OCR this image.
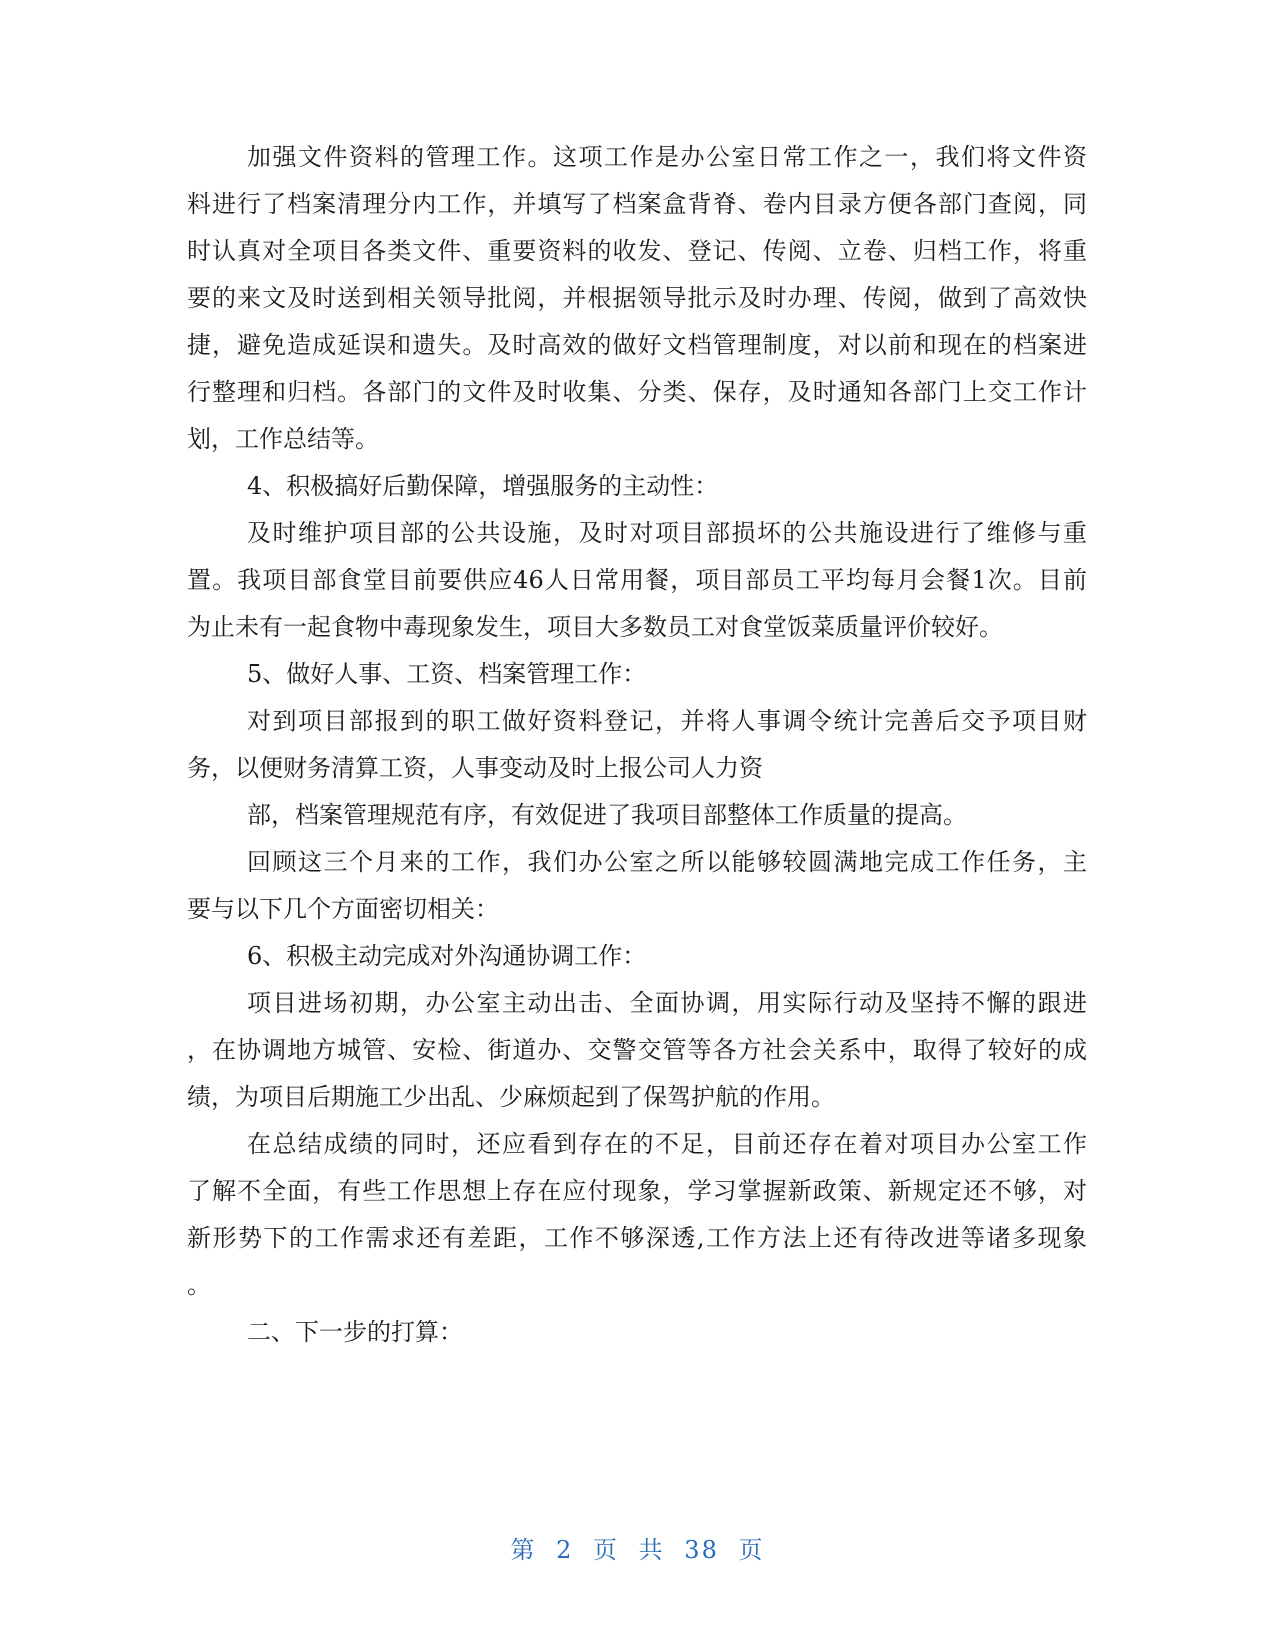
加强文件资料的管理工作。这项工作是办公室日常工作之一，我们将文件资
料进行了档案清理分内工作，并填写了档案盒背脊、卷内目录方便各部门查阅，同
时认真对全项目各类文件、重要资料的收发、登记、传阅、立卷、归档工作，将重
要的来文及时送到相关领导批阅，并根据领导批示及时办理、传阅，做到了高效快
捷，避免造成延误和遗失。及时高效的做好文档管理制度，对以前和现在的档案进
行整理和归档。各部门的文件及时收集、分类、保存，及时通知各部门上交工作计
划，工作总结等。
4、积极搞好后勤保障，增强服务的主动性：
及时维护项目部的公共设施，及时对项目部损坏的公共施设进行了维修与重
置。我项目部食堂目前要供应46人日常用餐，项目部员工平均每月会餐1次。目前
为止未有一起食物中毒现象发生，项目大多数员工对食堂饭菜质量评价较好。
5、做好人事、工资、档案管理工作：
对到项目部报到的职工做好资料登记，并将人事调令统计完善后交予项目财
务，以便财务清算工资，人事变动及时上报公司人力资
部，档案管理规范有序，有效促进了我项目部整体工作质量的提高。
回顾这三个月来的工作，我们办公室之所以能够较圆满地完成工作任务，主
要与以下几个方面密切相关：
6、积极主动完成对外沟通协调工作：
项目进场初期，办公室主动出击、全面协调，用实际行动及坚持不懈的跟进
，在协调地方城管、安检、街道办、交警交管等各方社会关系中，取得了较好的成
绩，为项目后期施工少出乱、少麻烦起到了保驾护航的作用。
在总结成绩的同时，还应看到存在的不足，目前还存在着对项目办公室工作
了解不全面，有些工作思想上存在应付现象，学习掌握新政策、新规定还不够，对
新形势下的工作需求还有差距，工作不够深透,工作方法上还有待改进等诸多现象
。
二、下一步的打算：
第 2 页 共 38 页
